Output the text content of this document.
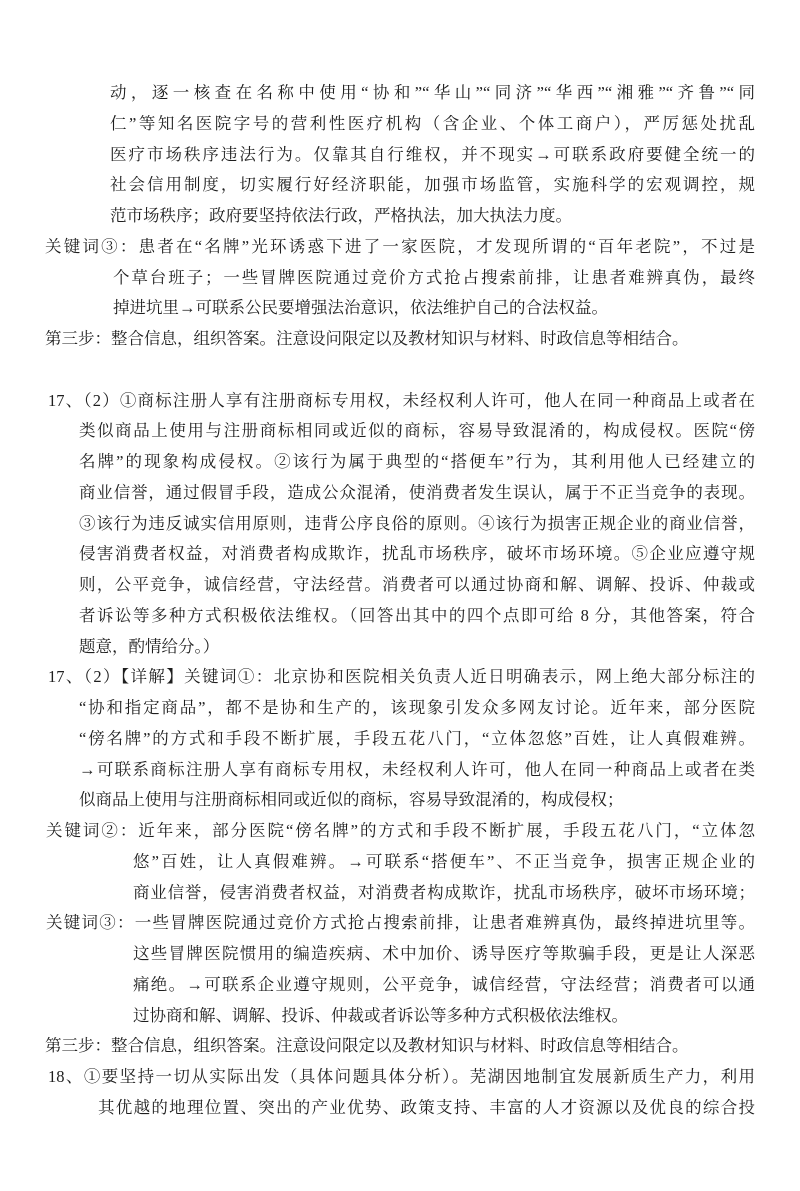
动，逐一核查在名称中使用“协和”“华山”“同济”“华西”“湘雅”“齐鲁”“同
仁”等知名医院字号的营利性医疗机构（含企业、个体工商户），严厉惩处扰乱
医疗市场秩序违法行为。仅靠其自行维权，并不现实→可联系政府要健全统一的
社会信用制度，切实履行好经济职能，加强市场监管，实施科学的宏观调控，规
范市场秩序；政府要坚持依法行政，严格执法，加大执法力度。
关键词③：患者在“名牌”光环诱惑下进了一家医院，才发现所谓的“百年老院”，不过是
个草台班子；一些冒牌医院通过竞价方式抢占搜索前排，让患者难辨真伪，最终
掉进坑里→可联系公民要增强法治意识，依法维护自己的合法权益。
第三步：整合信息，组织答案。注意设问限定以及教材知识与材料、时政信息等相结合。
17、（2）①商标注册人享有注册商标专用权，未经权利人许可，他人在同一种商品上或者在
类似商品上使用与注册商标相同或近似的商标，容易导致混淆的，构成侵权。医院“傍
名牌”的现象构成侵权。②该行为属于典型的“搭便车”行为，其利用他人已经建立的
商业信誉，通过假冒手段，造成公众混淆，使消费者发生误认，属于不正当竞争的表现。
③该行为违反诚实信用原则，违背公序良俗的原则。④该行为损害正规企业的商业信誉，
侵害消费者权益，对消费者构成欺诈，扰乱市场秩序，破坏市场环境。⑤企业应遵守规
则，公平竞争，诚信经营，守法经营。消费者可以通过协商和解、调解、投诉、仲裁或
者诉讼等多种方式积极依法维权。（回答出其中的四个点即可给 8 分，其他答案，符合
题意，酌情给分。）
17、（2）【详解】关键词①：北京协和医院相关负责人近日明确表示，网上绝大部分标注的
“协和指定商品”，都不是协和生产的，该现象引发众多网友讨论。近年来，部分医院
“傍名牌”的方式和手段不断扩展，手段五花八门，“立体忽悠”百姓，让人真假难辨。
→可联系商标注册人享有商标专用权，未经权利人许可，他人在同一种商品上或者在类
似商品上使用与注册商标相同或近似的商标，容易导致混淆的，构成侵权；
关键词②：近年来，部分医院“傍名牌”的方式和手段不断扩展，手段五花八门，“立体忽
悠”百姓，让人真假难辨。→可联系“搭便车”、不正当竞争，损害正规企业的
商业信誉，侵害消费者权益，对消费者构成欺诈，扰乱市场秩序，破坏市场环境；
关键词③：一些冒牌医院通过竞价方式抢占搜索前排，让患者难辨真伪，最终掉进坑里等。
这些冒牌医院惯用的编造疾病、术中加价、诱导医疗等欺骗手段，更是让人深恶
痛绝。→可联系企业遵守规则，公平竞争，诚信经营，守法经营；消费者可以通
过协商和解、调解、投诉、仲裁或者诉讼等多种方式积极依法维权。
第三步：整合信息，组织答案。注意设问限定以及教材知识与材料、时政信息等相结合。
18、①要坚持一切从实际出发（具体问题具体分析）。芜湖因地制宜发展新质生产力，利用
其优越的地理位置、突出的产业优势、政策支持、丰富的人才资源以及优良的综合投
